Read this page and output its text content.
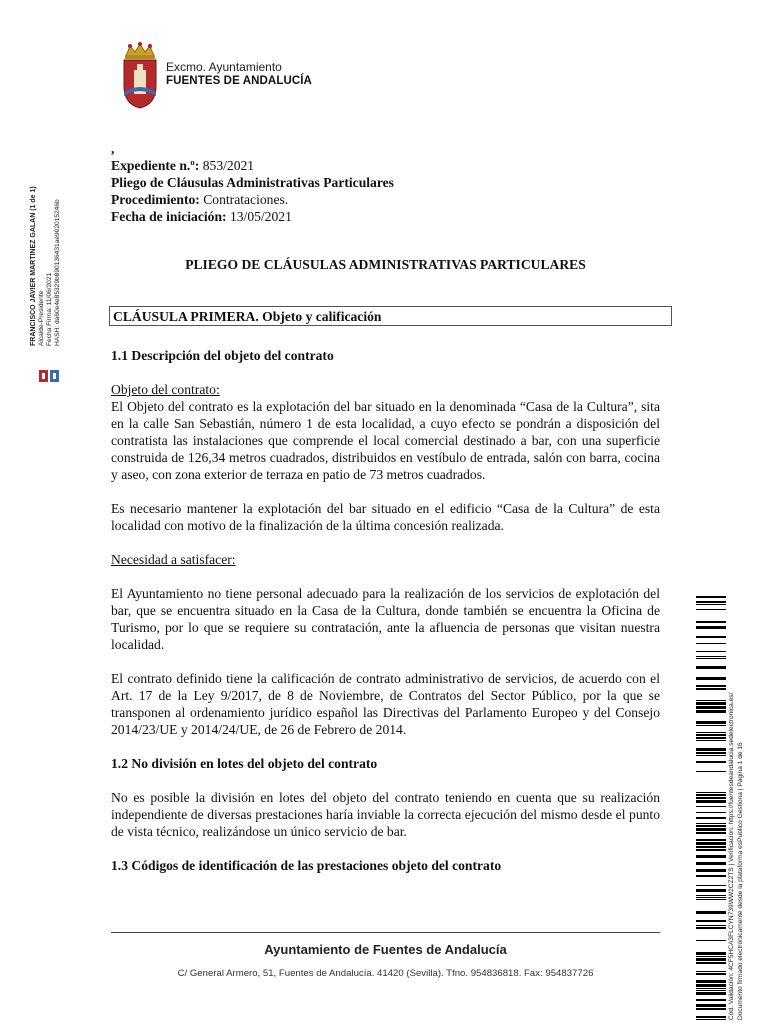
Excmo. Ayuntamiento
FUENTES DE ANDALUCÍA
FRANCISCO JAVIER MARTINEZ GALAN (1 de 1) Alcalde-Presidente Fecha Firma: 11/06/2021 HASH: da60e4e85329b890136431ae902015246b
Cód. Validación: 4CF5HCA3FLCYN739WW2CZ2TS | Verificación: https://fuentesdeandalucia.sedelectronica.es/ Documento firmado electrónicamente desde la plataforma esPublico Gestiona | Página 1 de 16
,

Expediente n.º: 853/2021

Pliego de Cláusulas Administrativas Particulares

Procedimiento: Contrataciones.

Fecha de iniciación: 13/05/2021

PLIEGO DE CLÁUSULAS ADMINISTRATIVAS PARTICULARES
CLÁUSULA PRIMERA. Objeto y calificación
1.1 Descripción del objeto del contrato

Objeto del contrato:

El Objeto del contrato es la explotación del bar situado en la denominada “Casa de la Cultura”, sita en la calle San Sebastián, número 1 de esta localidad, a cuyo efecto se pondrán a disposición del contratista las instalaciones que comprende el local comercial destinado a bar, con una superficie construida de 126,34 metros cuadrados, distribuidos en vestíbulo de entrada, salón con barra, cocina y aseo, con zona exterior de terraza en patio de 73 metros cuadrados.

Es necesario mantener la explotación del bar situado en el edificio “Casa de la Cultura” de esta localidad con motivo de la finalización de la última concesión realizada.

Necesidad a satisfacer:

El Ayuntamiento no tiene personal adecuado para la realización de los servicios de explotación del bar, que se encuentra situado en la Casa de la Cultura, donde también se encuentra la Oficina de Turismo, por lo que se requiere su contratación, ante la afluencia de personas que visitan nuestra localidad.

El contrato definido tiene la calificación de contrato administrativo de servicios, de acuerdo con el Art. 17 de la Ley 9/2017, de 8 de Noviembre, de Contratos del Sector Público, por la que se transponen al ordenamiento jurídico español las Directivas del Parlamento Europeo y del Consejo 2014/23/UE y 2014/24/UE, de 26 de Febrero de 2014.

1.2 No división en lotes del objeto del contrato

No es posible la división en lotes del objeto del contrato teniendo en cuenta que su realización independiente de diversas prestaciones haría inviable la correcta ejecución del mismo desde el punto de vista técnico, realizándose un único servicio de bar.

1.3 Códigos de identificación de las prestaciones objeto del contrato
Ayuntamiento de Fuentes de Andalucía
C/ General Armero, 51, Fuentes de Andalucía. 41420 (Sevilla). Tfno. 954836818. Fax: 954837726
